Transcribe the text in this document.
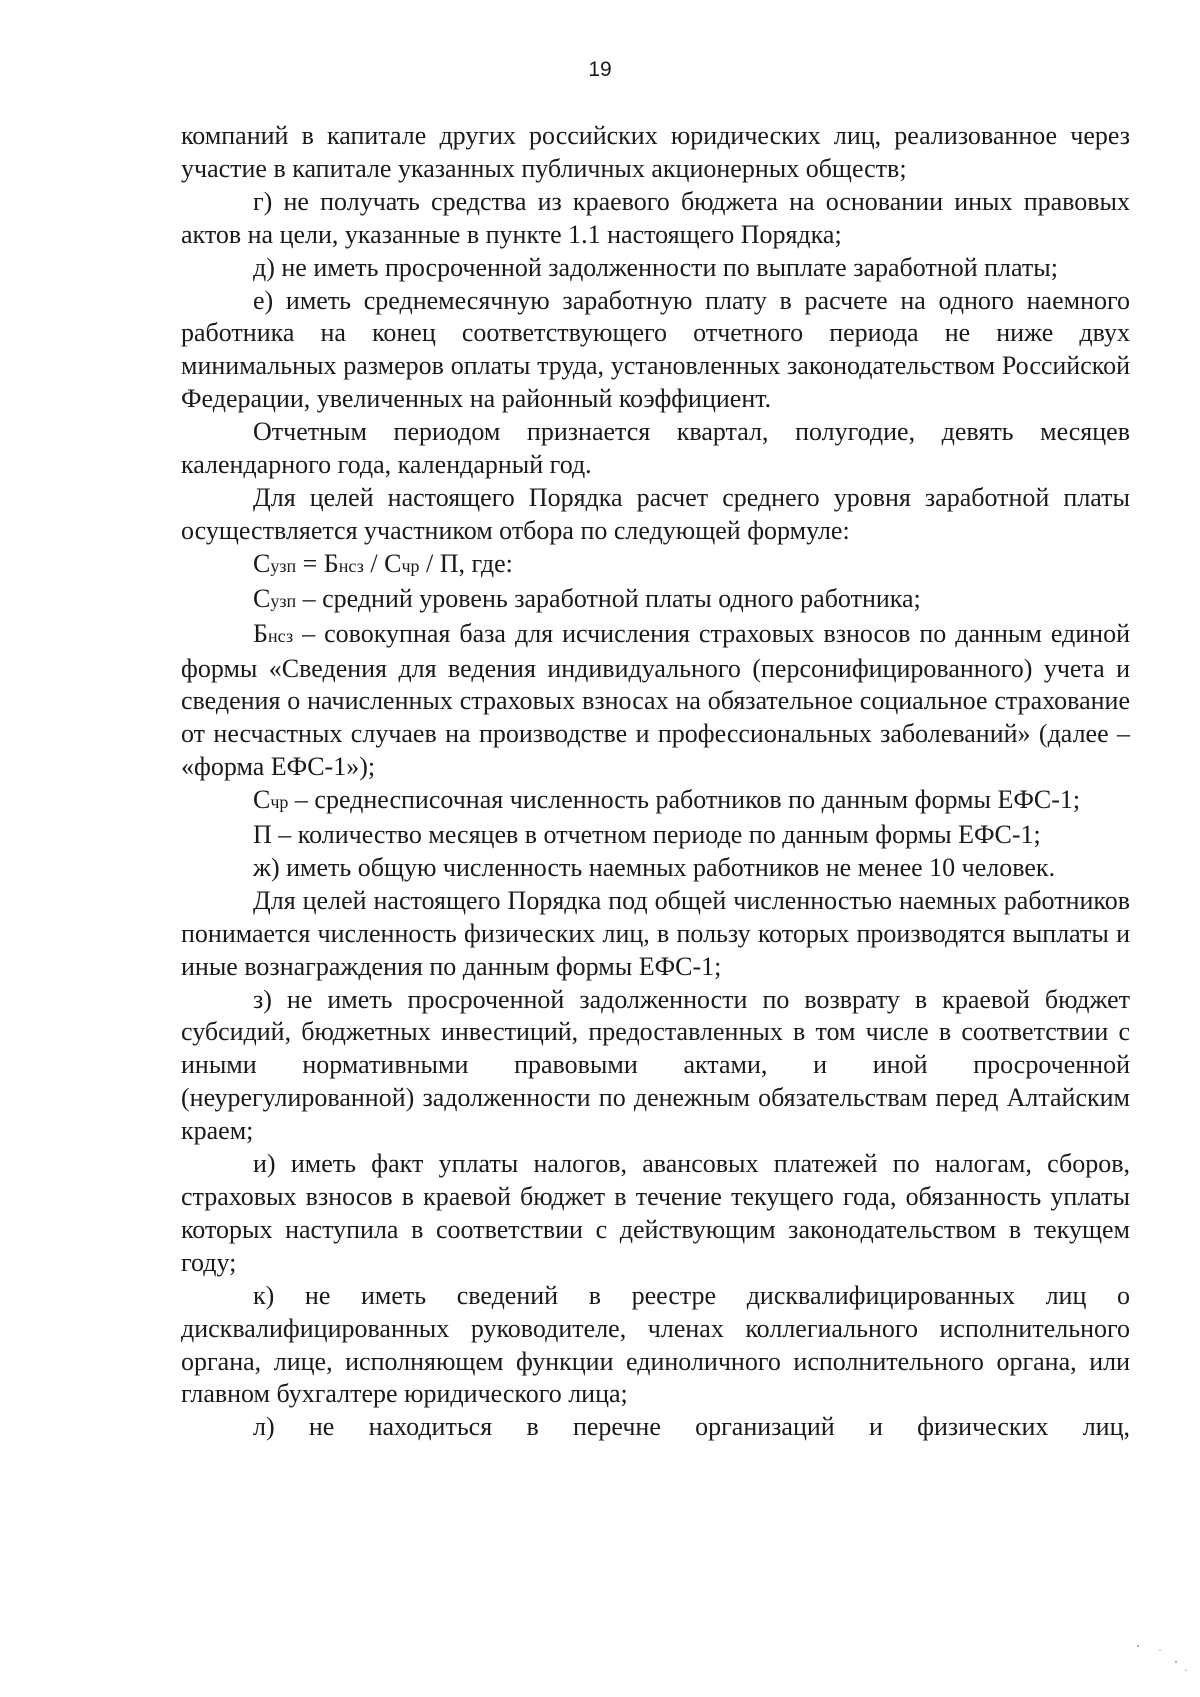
19

компаний в капитале других российских юридических лиц, реализованное через участие в капитале указанных публичных акционерных обществ;

г) не получать средства из краевого бюджета на основании иных правовых актов на цели, указанные в пункте 1.1 настоящего Порядка;

д) не иметь просроченной задолженности по выплате заработной платы;

е) иметь среднемесячную заработную плату в расчете на одного наемного работника на конец соответствующего отчетного периода не ниже двух минимальных размеров оплаты труда, установленных законодательством Российской Федерации, увеличенных на районный коэффициент.

Отчетным периодом признается квартал, полугодие, девять месяцев календарного года, календарный год.

Для целей настоящего Порядка расчет среднего уровня заработной платы осуществляется участником отбора по следующей формуле:

Сузп = Бнсз / Счр / П, где:

Сузп – средний уровень заработной платы одного работника;

Бнсз – совокупная база для исчисления страховых взносов по данным единой формы «Сведения для ведения индивидуального (персонифицированного) учета и сведения о начисленных страховых взносах на обязательное социальное страхование от несчастных случаев на производстве и профессиональных заболеваний» (далее – «форма ЕФС-1»);

Счр – среднесписочная численность работников по данным формы ЕФС-1;

П – количество месяцев в отчетном периоде по данным формы ЕФС-1;

ж) иметь общую численность наемных работников не менее 10 человек.

Для целей настоящего Порядка под общей численностью наемных работников понимается численность физических лиц, в пользу которых производятся выплаты и иные вознаграждения по данным формы ЕФС-1;

з) не иметь просроченной задолженности по возврату в краевой бюджет субсидий, бюджетных инвестиций, предоставленных в том числе в соответствии с иными нормативными правовыми актами, и иной просроченной (неурегулированной) задолженности по денежным обязательствам перед Алтайским краем;

и) иметь факт уплаты налогов, авансовых платежей по налогам, сборов, страховых взносов в краевой бюджет в течение текущего года, обязанность уплаты которых наступила в соответствии с действующим законодательством в текущем году;

к) не иметь сведений в реестре дисквалифицированных лиц о дисквалифицированных руководителе, членах коллегиального исполнительного органа, лице, исполняющем функции единоличного исполнительного органа, или главном бухгалтере юридического лица;

л) не находиться в перечне организаций и физических лиц,
